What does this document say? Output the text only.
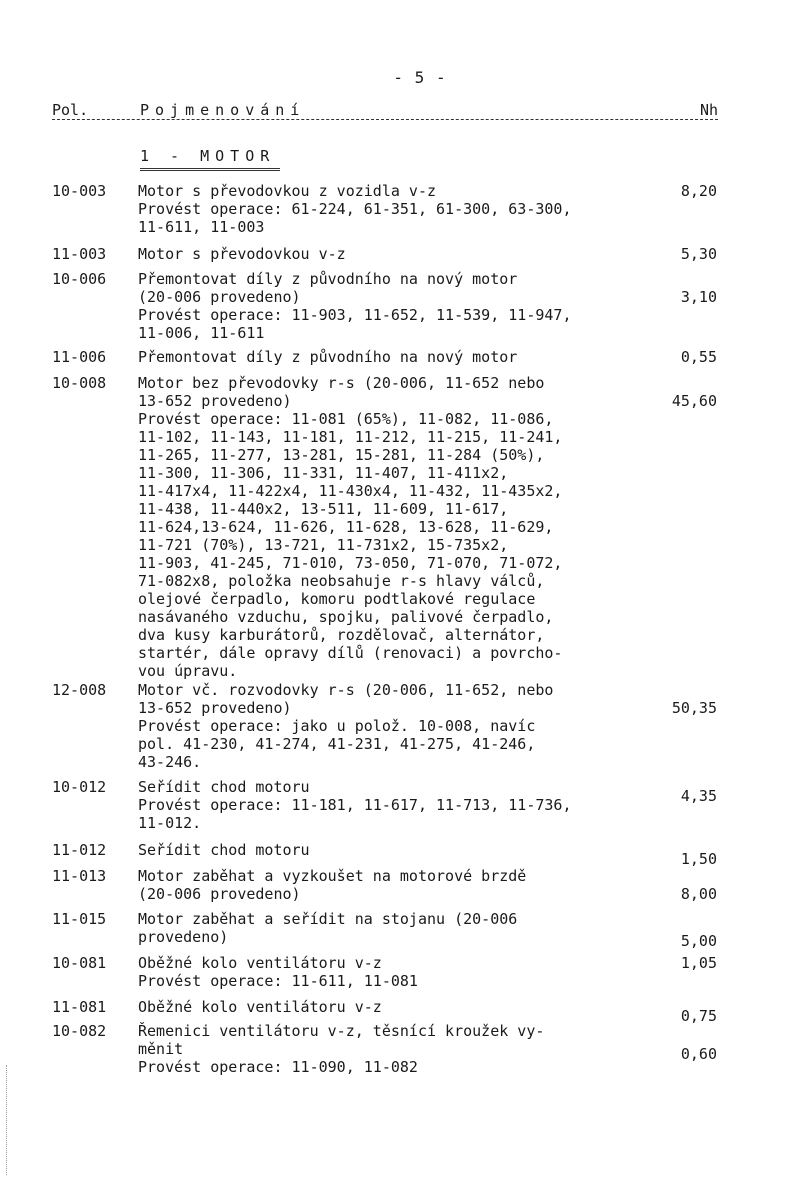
- 5 -
Pol.	Pojmenování	Nh
1 - MOTOR
10-003 Motor s převodovkou z vozidla v-z
Provést operace: 61-224, 61-351, 61-300, 63-300,
11-611, 11-003
8,20
11-003 Motor s převodovkou v-z	5,30
10-006 Přemontovat díly z původního na nový motor
(20-006 provedeno)
Provést operace: 11-903, 11-652, 11-539, 11-947,
11-006, 11-611
3,10
11-006 Přemontovat díly z původního na nový motor	0,55
10-008 Motor bez převodovky r-s (20-006, 11-652 nebo
13-652 provedeno)
Provést operace: 11-081 (65%), 11-082, 11-086,
11-102, 11-143, 11-181, 11-212, 11-215, 11-241,
11-265, 11-277, 13-281, 15-281, 11-284 (50%),
11-300, 11-306, 11-331, 11-407, 11-411x2,
11-417x4, 11-422x4, 11-430x4, 11-432, 11-435x2,
11-438, 11-440x2, 13-511, 11-609, 11-617,
11-624,13-624, 11-626, 11-628, 13-628, 11-629,
11-721 (70%), 13-721, 11-731x2, 15-735x2,
11-903, 41-245, 71-010, 73-050, 71-070, 71-072,
71-082x8, položka neobsahuje r-s hlavy válců,
olejové čerpadlo, komoru podtlakové regulace
nasávaného vzduchu, spojku, palivové čerpadlo,
dva kusy karburátorů, rozdělovač, alternátor,
startér, dále opravy dílů (renovaci) a povrcho-
vou úpravu.
45,60
12-008 Motor vč. rozvodovky r-s (20-006, 11-652, nebo
13-652 provedeno)
Provést operace: jako u polož. 10-008, navíc
pol. 41-230, 41-274, 41-231, 41-275, 41-246,
43-246.
50,35
10-012 Seřídit chod motoru
Provést operace: 11-181, 11-617, 11-713, 11-736,
11-012.
4,35
11-012 Seřídit chod motoru	1,50
11-013 Motor zaběhat a vyzkoušet na motorové brzdě
(20-006 provedeno)	8,00
11-015 Motor zaběhat a seřídit na stojanu (20-006
provedeno)	5,00
10-081 Oběžné kolo ventilátoru v-z
Provést operace: 11-611, 11-081
1,05
11-081 Oběžné kolo ventilátoru v-z	0,75
10-082 Řemenici ventilátoru v-z, těsnící kroužek vy-
měnit
Provést operace: 11-090, 11-082
0,60
